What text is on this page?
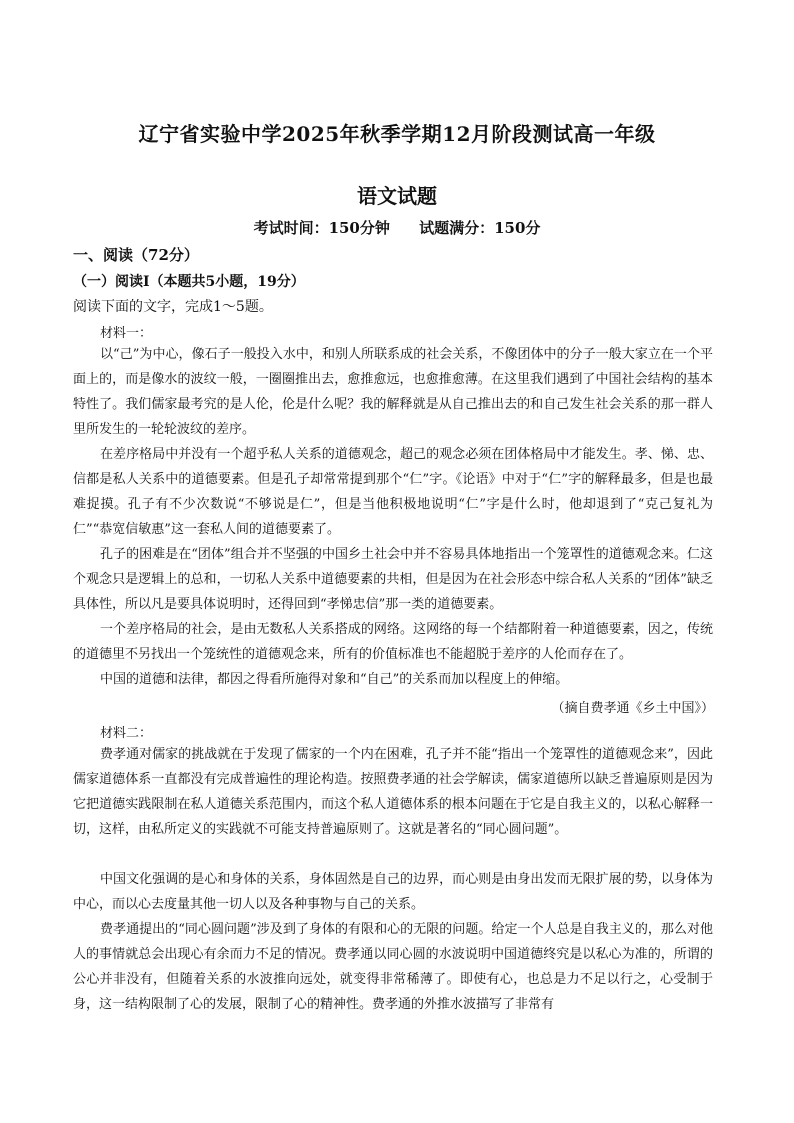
辽宁省实验中学2025年秋季学期12月阶段测试高一年级
语文试题
考试时间：150分钟 试题满分：150分
一、阅读（72分）
（一）阅读Ⅰ（本题共5小题，19分）
阅读下面的文字，完成1～5题。
材料一：

以“己”为中心，像石子一般投入水中，和别人所联系成的社会关系，不像团体中的分子一般大家立在一个平面上的，而是像水的波纹一般，一圈圈推出去，愈推愈远，也愈推愈薄。在这里我们遇到了中国社会结构的基本特性了。我们儒家最考究的是人伦，伦是什么呢？我的解释就是从自己推出去的和自己发生社会关系的那一群人里所发生的一轮轮波纹的差序。

在差序格局中并没有一个超乎私人关系的道德观念，超己的观念必须在团体格局中才能发生。孝、悌、忠、信都是私人关系中的道德要素。但是孔子却常常提到那个“仁”字。《论语》中对于“仁”字的解释最多，但是也最难捉摸。孔子有不少次数说“不够说是仁”，但是当他积极地说明“仁”字是什么时，他却退到了“克己复礼为仁”“恭宽信敏惠”这一套私人间的道德要素了。

孔子的困难是在“团体”组合并不坚强的中国乡土社会中并不容易具体地指出一个笼罩性的道德观念来。仁这个观念只是逻辑上的总和，一切私人关系中道德要素的共相，但是因为在社会形态中综合私人关系的“团体”缺乏具体性，所以凡是要具体说明时，还得回到“孝悌忠信”那一类的道德要素。

一个差序格局的社会，是由无数私人关系搭成的网络。这网络的每一个结都附着一种道德要素，因之，传统的道德里不另找出一个笼统性的道德观念来，所有的价值标准也不能超脱于差序的人伦而存在了。

中国的道德和法律，都因之得看所施得对象和“自己”的关系而加以程度上的伸缩。

（摘自费孝通《乡土中国》）
材料二：

费孝通对儒家的挑战就在于发现了儒家的一个内在困难，孔子并不能“指出一个笼罩性的道德观念来”，因此儒家道德体系一直都没有完成普遍性的理论构造。按照费孝通的社会学解读，儒家道德所以缺乏普遍原则是因为它把道德实践限制在私人道德关系范围内，而这个私人道德体系的根本问题在于它是自我主义的，以私心解释一切，这样，由私所定义的实践就不可能支持普遍原则了。这就是著名的“同心圆问题”。

中国文化强调的是心和身体的关系，身体固然是自己的边界，而心则是由身出发而无限扩展的势，以身体为中心，而以心去度量其他一切人以及各种事物与自己的关系。

费孝通提出的“同心圆问题”涉及到了身体的有限和心的无限的问题。给定一个人总是自我主义的，那么对他人的事情就总会出现心有余而力不足的情况。费孝通以同心圆的水波说明中国道德终究是以私心为准的，所谓的公心并非没有，但随着关系的水波推向远处，就变得非常稀薄了。即使有心，也总是力不足以行之，心受制于身，这一结构限制了心的发展，限制了心的精神性。费孝通的外推水波描写了非常有
